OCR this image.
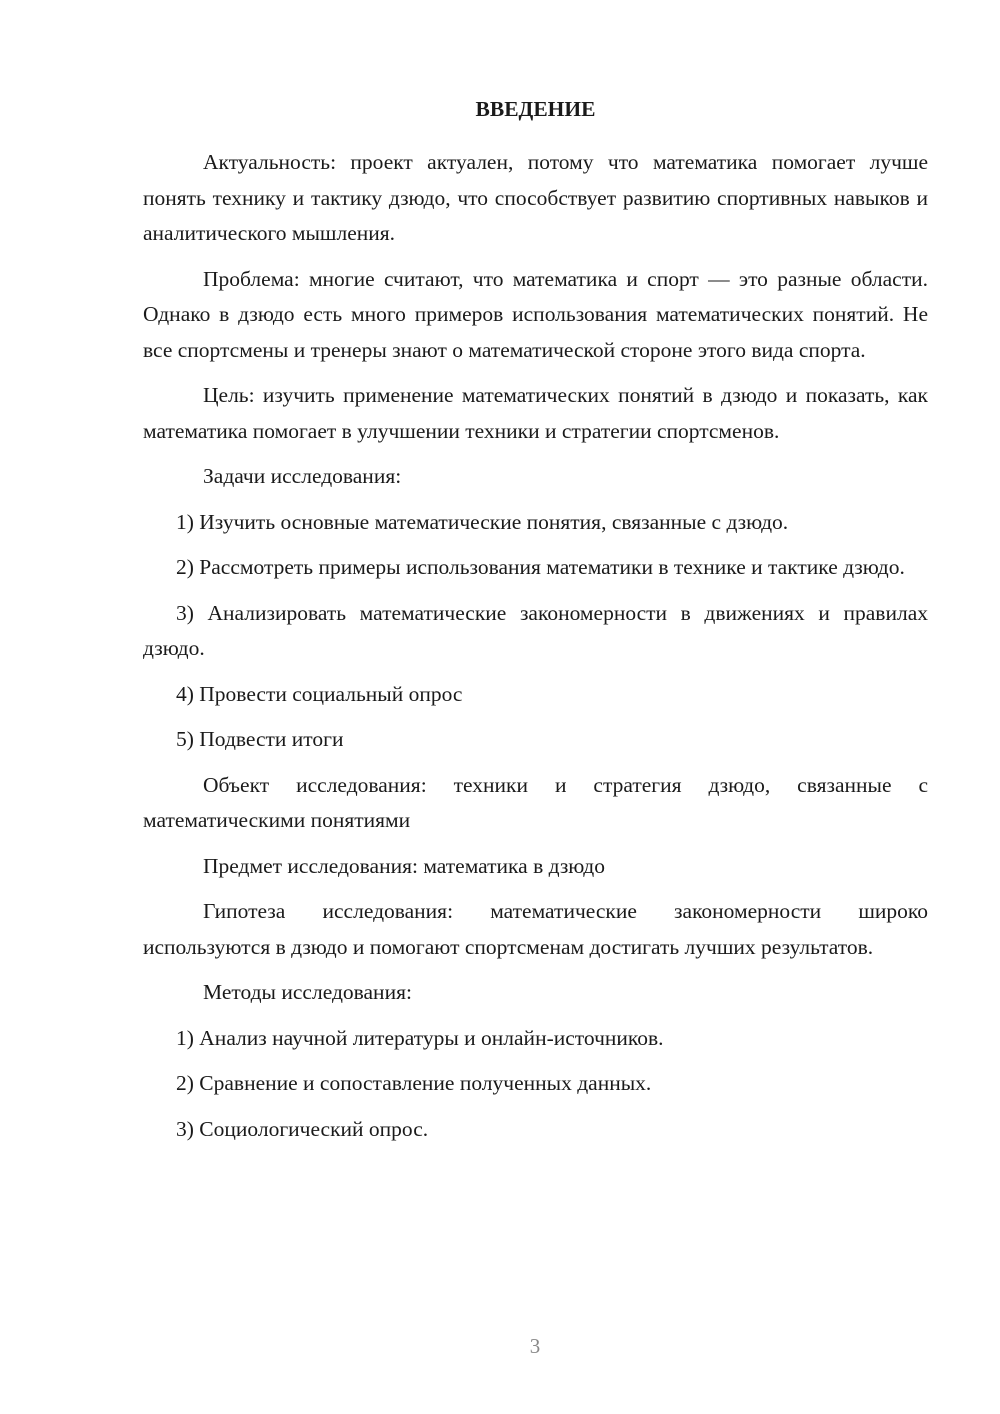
ВВЕДЕНИЕ
Актуальность: проект актуален, потому что математика помогает лучше понять технику и тактику дзюдо, что способствует развитию спортивных навыков и аналитического мышления.
Проблема: многие считают, что математика и спорт — это разные области. Однако в дзюдо есть много примеров использования математических понятий. Не все спортсмены и тренеры знают о математической стороне этого вида спорта.
Цель: изучить применение математических понятий в дзюдо и показать, как математика помогает в улучшении техники и стратегии спортсменов.
Задачи исследования:
1) Изучить основные математические понятия, связанные с дзюдо.
2) Рассмотреть примеры использования математики в технике и тактике дзюдо.
3) Анализировать математические закономерности в движениях и правилах дзюдо.
4) Провести социальный опрос
5) Подвести итоги
Объект исследования: техники и стратегия дзюдо, связанные с математическими понятиями
Предмет исследования: математика в дзюдо
Гипотеза исследования: математические закономерности широко используются в дзюдо и помогают спортсменам достигать лучших результатов.
Методы исследования:
1) Анализ научной литературы и онлайн-источников.
2) Сравнение и сопоставление полученных данных.
3) Социологический опрос.
3
